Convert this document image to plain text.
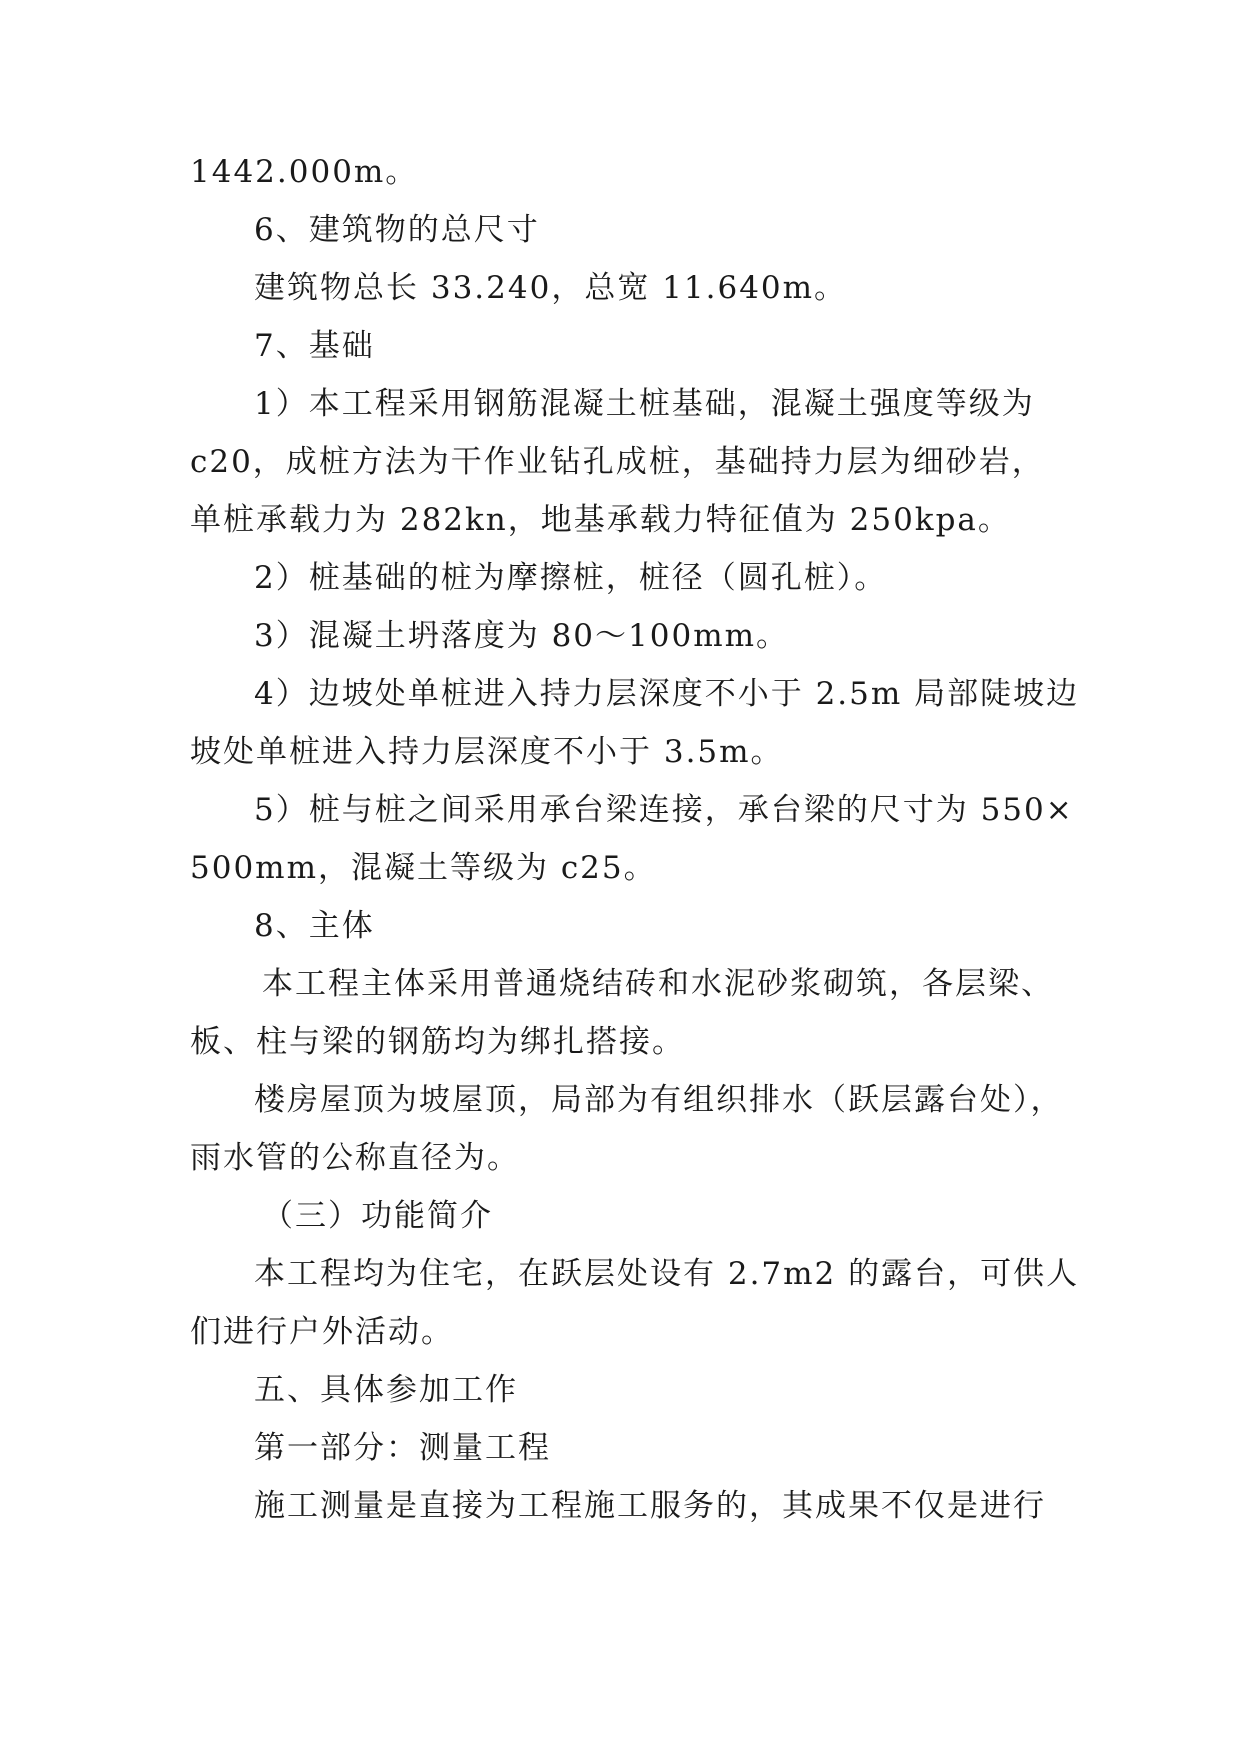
1442.000m。
6、建筑物的总尺寸
建筑物总长 33.240，总宽 11.640m。
7、基础
1）本工程采用钢筋混凝土桩基础，混凝土强度等级为
c20，成桩方法为干作业钻孔成桩，基础持力层为细砂岩，
单桩承载力为 282kn，地基承载力特征值为 250kpa。
2）桩基础的桩为摩擦桩，桩径（圆孔桩）。
3）混凝土坍落度为 80～100mm。
4）边坡处单桩进入持力层深度不小于 2.5m 局部陡坡边
坡处单桩进入持力层深度不小于 3.5m。
5）桩与桩之间采用承台梁连接，承台梁的尺寸为 550×
500mm，混凝土等级为 c25。
8、主体
本工程主体采用普通烧结砖和水泥砂浆砌筑，各层梁、
板、柱与梁的钢筋均为绑扎搭接。
楼房屋顶为坡屋顶，局部为有组织排水（跃层露台处），
雨水管的公称直径为。
（三）功能简介
本工程均为住宅，在跃层处设有 2.7m2 的露台，可供人
们进行户外活动。
五、具体参加工作
第一部分：测量工程
施工测量是直接为工程施工服务的，其成果不仅是进行
